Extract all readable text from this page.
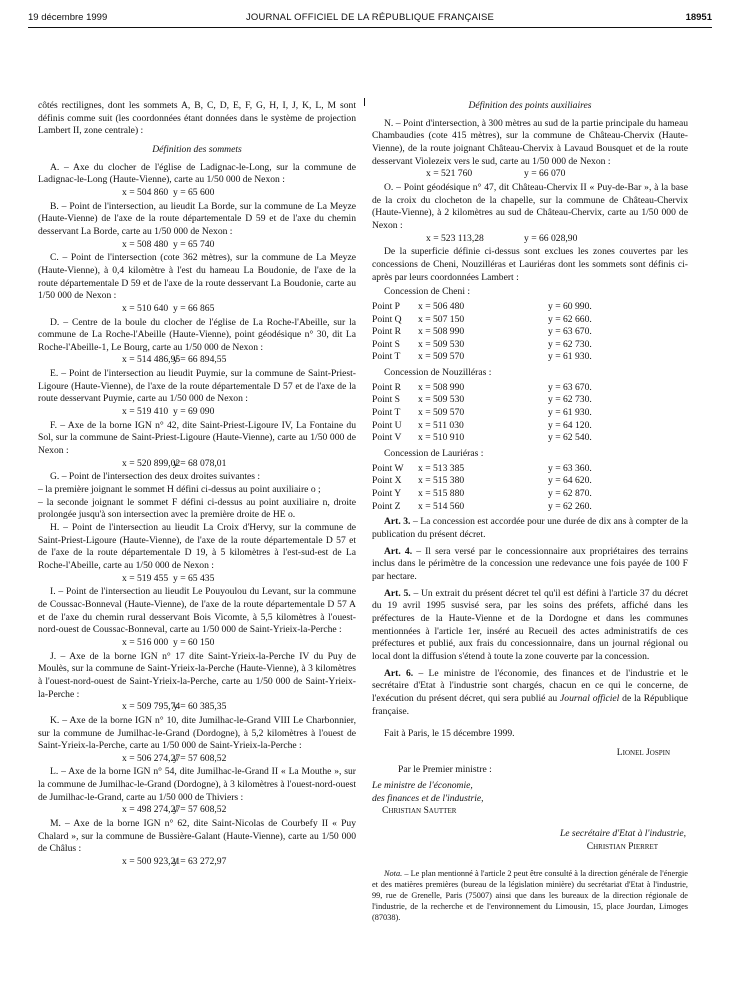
19 décembre 1999	JOURNAL OFFICIEL DE LA RÉPUBLIQUE FRANÇAISE	18951

côtés rectilignes, dont les sommets A, B, C, D, E, F, G, H, I, J, K, L, M sont définis comme suit (les coordonnées étant données dans le système de projection Lambert II, zone centrale) :

Définition des sommets

A. – Axe du clocher de l'église de Ladignac-le-Long, sur la commune de Ladignac-le-Long (Haute-Vienne), carte au 1/50 000 de Nexon :

x = 504 860 y = 65 600

B. – Point de l'intersection, au lieudit La Borde, sur la commune de La Meyze (Haute-Vienne) de l'axe de la route départementale D 59 et de l'axe du chemin desservant La Borde, carte au 1/50 000 de Nexon :

x = 508 480 y = 65 740

C. – Point de l'intersection (cote 362 mètres), sur la commune de La Meyze (Haute-Vienne), à 0,4 kilomètre à l'est du hameau La Boudonie, de l'axe de la route départementale D 59 et de l'axe de la route desservant La Boudonie, carte au 1/50 000 de Nexon :

x = 510 640 y = 66 865

D. – Centre de la boule du clocher de l'église de La Roche-l'Abeille, sur la commune de La Roche-l'Abeille (Haute-Vienne), point géodésique n° 30, dit La Roche-l'Abeille-1, Le Bourg, carte au 1/50 000 de Nexon :

x = 514 486,95
y = 66 894,55

E. – Point de l'intersection au lieudit Puymie, sur la commune de Saint-Priest-Ligoure (Haute-Vienne), de l'axe de la route départementale D 57 et de l'axe de la route desservant Puymie, carte au 1/50 000 de Nexon :

x = 519 410 y = 69 090

F. – Axe de la borne IGN n° 42, dite Saint-Priest-Ligoure IV, La Fontaine du Sol, sur la commune de Saint-Priest-Ligoure (Haute-Vienne), carte au 1/50 000 de Nexon :

x = 520 899,02
y = 68 078,01

G. – Point de l'intersection des deux droites suivantes :

– la première joignant le sommet H défini ci-dessus au point auxiliaire o ;

– la seconde joignant le sommet F défini ci-dessus au point auxiliaire n, droite prolongée jusqu'à son intersection avec la première droite de HE o.

H. – Point de l'intersection au lieudit La Croix d'Hervy, sur la commune de Saint-Priest-Ligoure (Haute-Vienne), de l'axe de la route départementale D 57 et de l'axe de la route départementale D 19, à 5 kilomètres à l'est-sud-est de La Roche-l'Abeille, carte au 1/50 000 de Nexon :

x = 519 455 y = 65 435

I. – Point de l'intersection au lieudit Le Pouyoulou du Levant, sur la commune de Coussac-Bonneval (Haute-Vienne), de l'axe de la route départementale D 57 A et de l'axe du chemin rural desservant Bois Vicomte, à 5,5 kilomètres à l'ouest-nord-ouest de Coussac-Bonneval, carte au 1/50 000 de Saint-Yrieix-la-Perche :

x = 516 000 y = 60 150

J. – Axe de la borne IGN n° 17 dite Saint-Yrieix-la-Perche IV du Puy de Moulès, sur la commune de Saint-Yrieix-la-Perche (Haute-Vienne), à 3 kilomètres à l'ouest-nord-ouest de Saint-Yrieix-la-Perche, carte au 1/50 000 de Saint-Yrieix-la-Perche :

x = 509 795,74
y = 60 385,35

K. – Axe de la borne IGN n° 10, dite Jumilhac-le-Grand VIII Le Charbonnier, sur la commune de Jumilhac-le-Grand (Dordogne), à 5,2 kilomètres à l'ouest de Saint-Yrieix-la-Perche, carte au 1/50 000 de Saint-Yrieix-la-Perche :

x = 506 274,27
y = 57 608,52

L. – Axe de la borne IGN n° 54, dite Jumilhac-le-Grand II « La Mouthe », sur la commune de Jumilhac-le-Grand (Dordogne), à 3 kilomètres à l'ouest-nord-ouest de Jumilhac-le-Grand, carte au 1/50 000 de Thiviers :

x = 498 274,27
y = 57 608,52

M. – Axe de la borne IGN n° 62, dite Saint-Nicolas de Courbefy II « Puy Chalard », sur la commune de Bussière-Galant (Haute-Vienne), carte au 1/50 000 de Châlus :

x = 500 923,21
y = 63 272,97
Définition des points auxiliaires

N. – Point d'intersection, à 300 mètres au sud de la partie principale du hameau Chambaudies (cote 415 mètres), sur la commune de Château-Chervix (Haute-Vienne), de la route joignant Château-Chervix à Lavaud Bousquet et de la route desservant Violezeix vers le sud, carte au 1/50 000 de Nexon :

x = 521 760	y = 66 070

O. – Point géodésique n° 47, dit Château-Chervix II « Puy-de-Bar », à la base de la croix du clocheton de la chapelle, sur la commune de Château-Chervix (Haute-Vienne), à 2 kilomètres au sud de Château-Chervix, carte au 1/50 000 de Nexon :

x = 523 113,28	y = 66 028,90

De la superficie définie ci-dessus sont exclues les zones couvertes par les concessions de Cheni, Nouzilléras et Lauriéras dont les sommets sont définis ci-après par leurs coordonnées Lambert :

Concession de Cheni :
Point P	x = 506 480	y = 60 990.
Point Q	x = 507 150	y = 62 660.
Point R	x = 508 990	y = 63 670.
Point S	x = 509 530	y = 62 730.
Point T	x = 509 570	y = 61 930.
Concession de Nouzilléras :
Point R	x = 508 990	y = 63 670.
Point S	x = 509 530	y = 62 730.
Point T	x = 509 570	y = 61 930.
Point U	x = 511 030	y = 64 120.
Point V	x = 510 910	y = 62 540.
Concession de Lauriéras :
Point W	x = 513 385	y = 63 360.
Point X	x = 515 380	y = 64 620.
Point Y	x = 515 880	y = 62 870.
Point Z	x = 514 560	y = 62 260.

Art. 3. – La concession est accordée pour une durée de dix ans à compter de la publication du présent décret.

Art. 4. – Il sera versé par le concessionnaire aux propriétaires des terrains inclus dans le périmètre de la concession une redevance une fois payée de 100 F par hectare.

Art. 5. – Un extrait du présent décret tel qu'il est défini à l'article 37 du décret du 19 avril 1995 susvisé sera, par les soins des préfets, affiché dans les préfectures de la Haute-Vienne et de la Dordogne et dans les communes mentionnées à l'article 1er, inséré au Recueil des actes administratifs de ces préfectures et publié, aux frais du concessionnaire, dans un journal régional ou local dont la diffusion s'étend à toute la zone couverte par la concession.

Art. 6. – Le ministre de l'économie, des finances et de l'industrie et le secrétaire d'Etat à l'industrie sont chargés, chacun en ce qui le concerne, de l'exécution du présent décret, qui sera publié au Journal officiel de la République française.

Fait à Paris, le 15 décembre 1999.
Lionel Jospin
Par le Premier ministre :
Le ministre de l'économie,
des finances et de l'industrie,
Christian Sautter
Le secrétaire d'Etat à l'industrie,
Christian Pierret

Nota. – Le plan mentionné à l'article 2 peut être consulté à la direction générale de l'énergie et des matières premières (bureau de la législation minière) du secrétariat d'Etat à l'industrie, 99, rue de Grenelle, Paris (75007) ainsi que dans les bureaux de la direction régionale de l'industrie, de la recherche et de l'environnement du Limousin, 15, place Jourdan, Limoges (87038).
